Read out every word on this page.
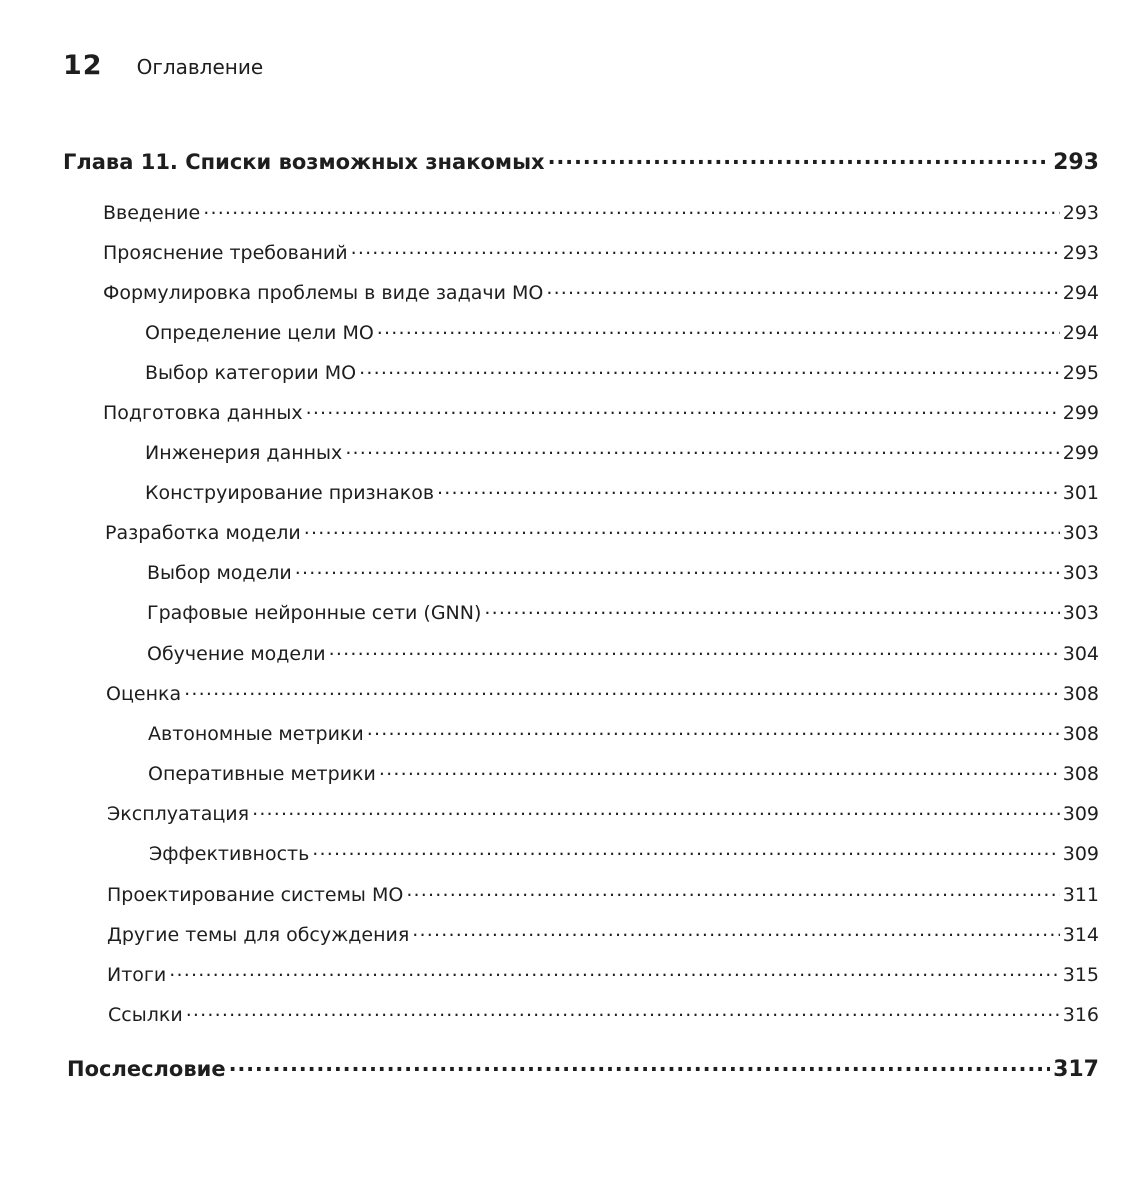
12 Оглавление
Глава 11. Списки возможных знакомых .....	293
Введение .....	293
Прояснение требований .....	293
Формулировка проблемы в виде задачи МО .....	294
Определение цели МО .....	294
Выбор категории МО .....	295
Подготовка данных .....	299
Инженерия данных .....	299
Конструирование признаков .....	301
Разработка модели .....	303
Выбор модели .....	303
Графовые нейронные сети (GNN) .....	303
Обучение модели .....	304
Оценка .....	308
Автономные метрики .....	308
Оперативные метрики .....	308
Эксплуатация .....	309
Эффективность .....	309
Проектирование системы МО .....	311
Другие темы для обсуждения .....	314
Итоги .....	315
Ссылки .....	316
Послесловие .....	317
